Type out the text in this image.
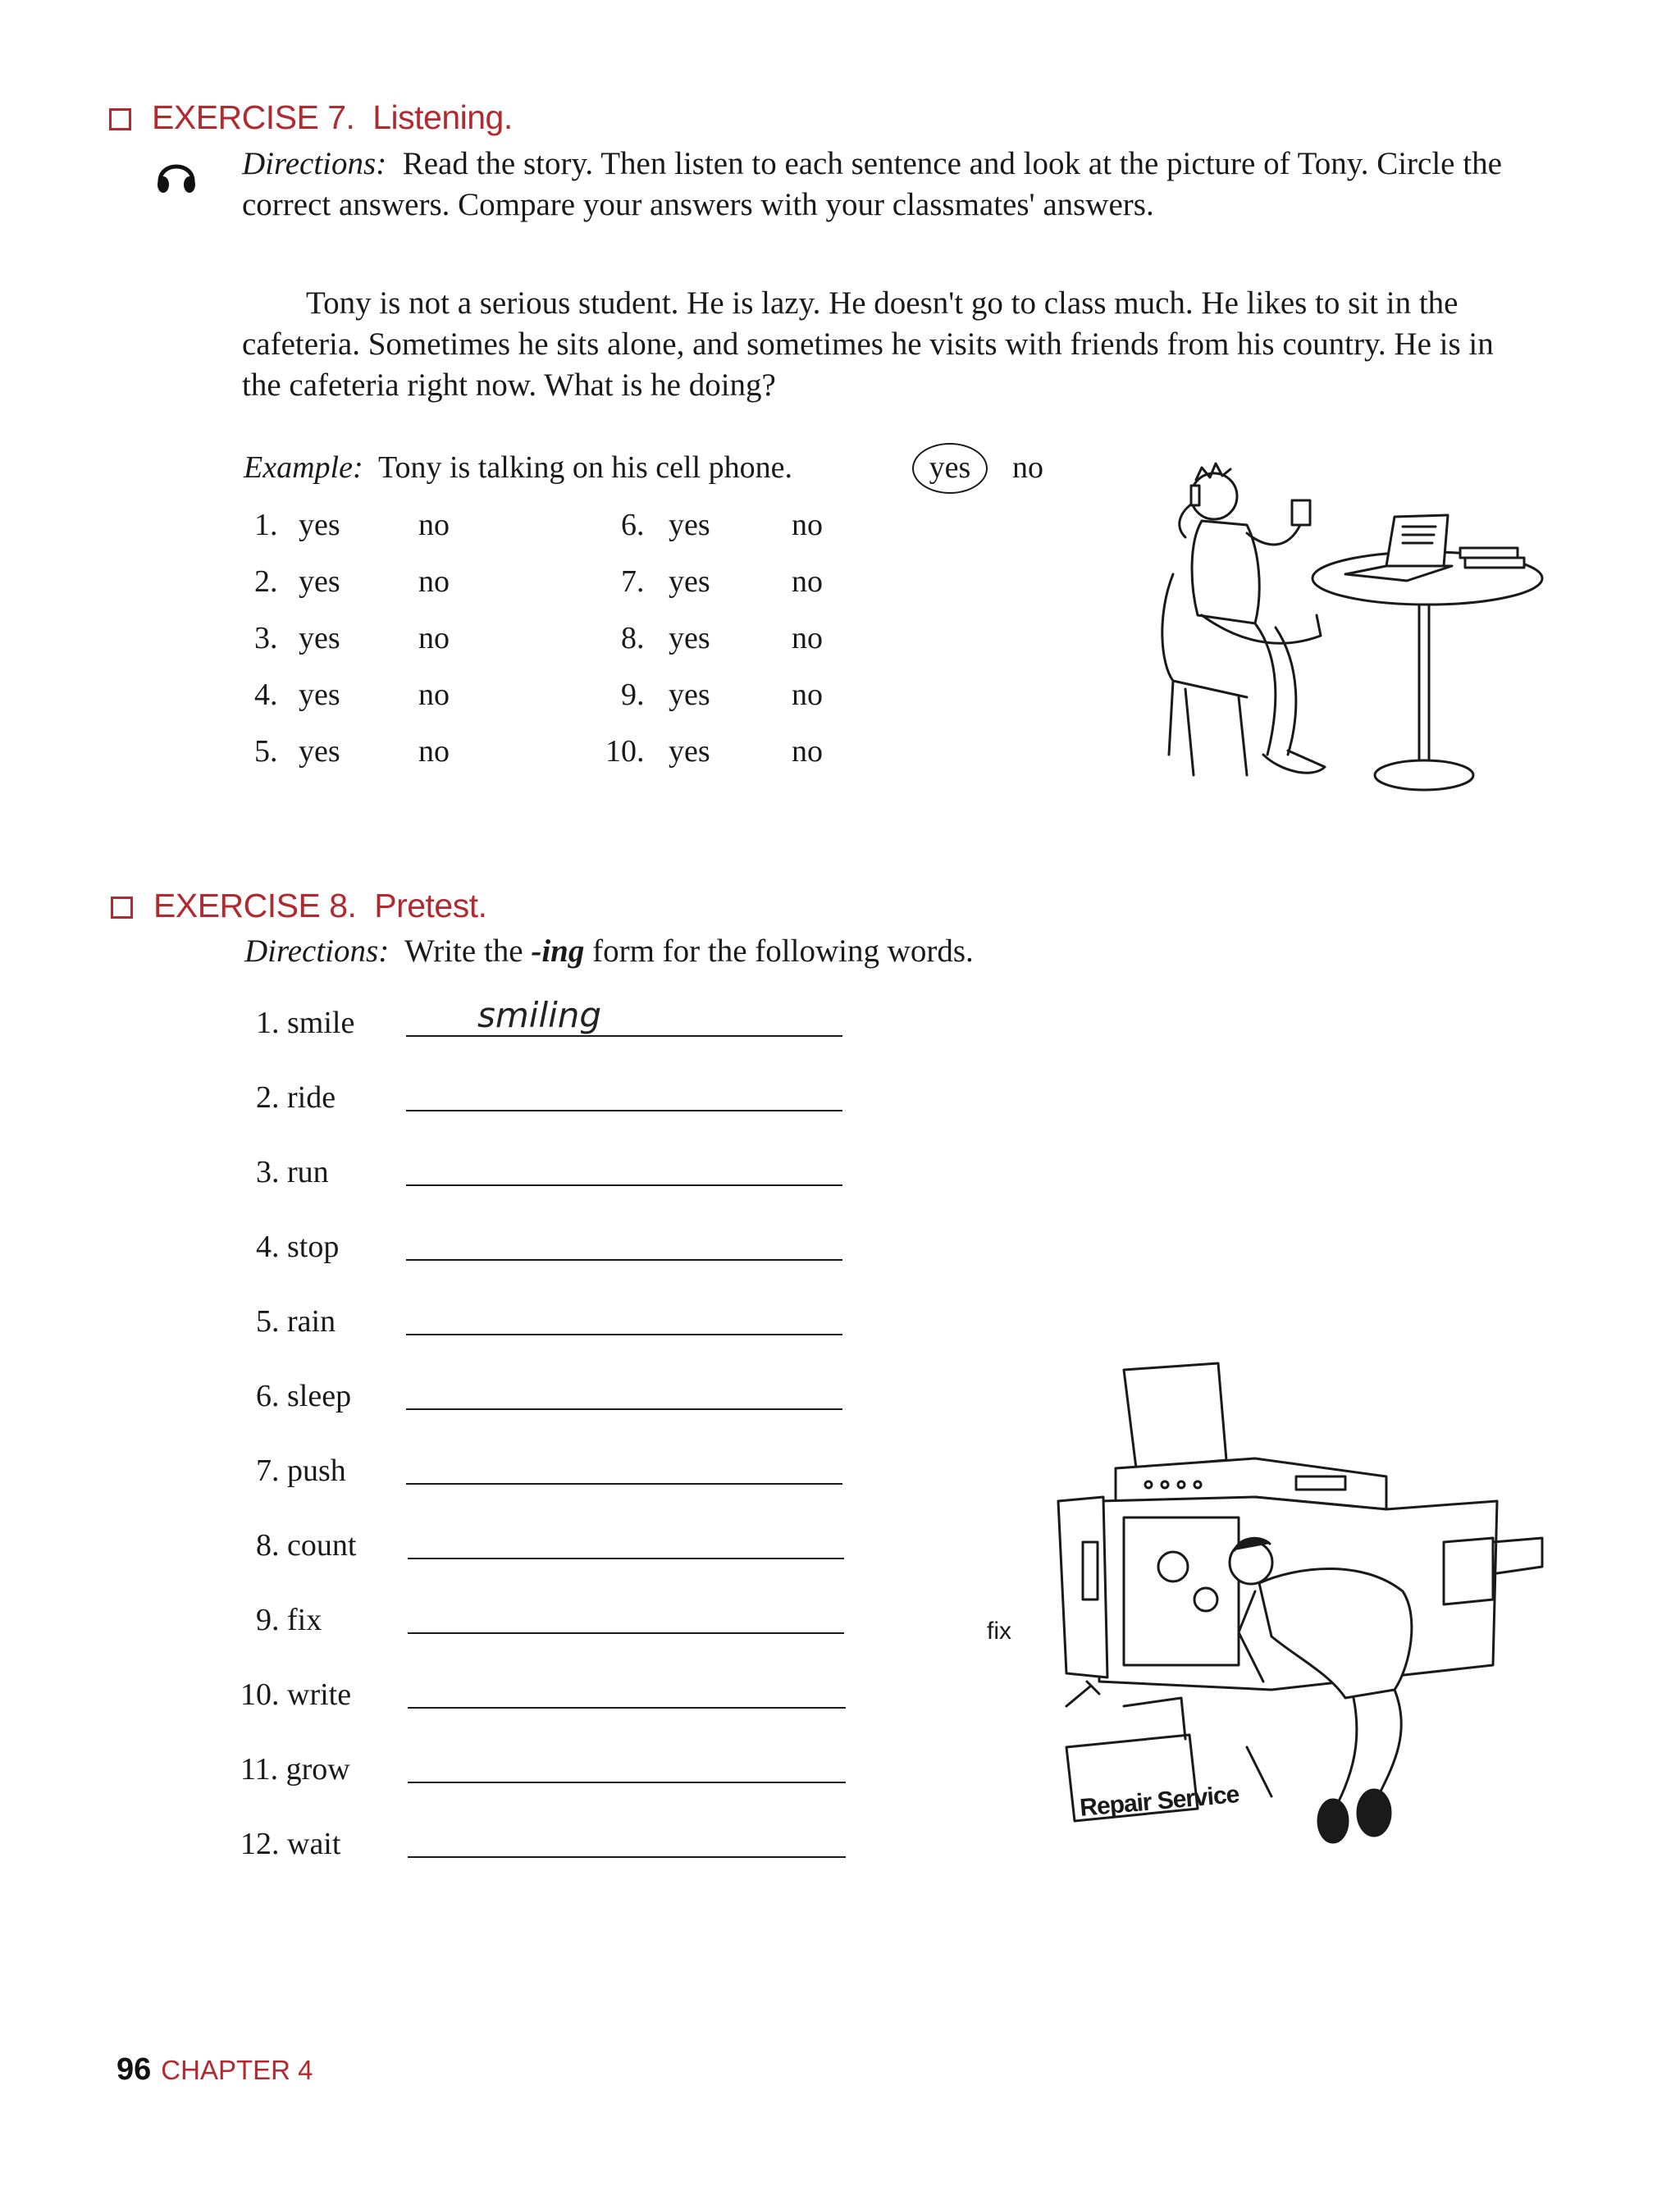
EXERCISE 7. Listening.
Directions: Read the story. Then listen to each sentence and look at the picture of Tony. Circle the correct answers. Compare your answers with your classmates' answers.
Tony is not a serious student. He is lazy. He doesn't go to class much. He likes to sit in the cafeteria. Sometimes he sits alone, and sometimes he visits with friends from his country. He is in the cafeteria right now. What is he doing?
Example: Tony is talking on his cell phone.	yes	no
1. yes	no
2. yes	no
3. yes	no
4. yes	no
5. yes	no
6. yes	no
7. yes	no
8. yes	no
9. yes	no
10. yes	no
EXERCISE 8. Pretest.
Directions: Write the -ing form for the following words.
1. smile	smiling
2. ride
3. run
4. stop
5. rain
6. sleep
7. push
8. count
9. fix
10. write
11. grow
12. wait
fix
Repair Service
96 CHAPTER 4
